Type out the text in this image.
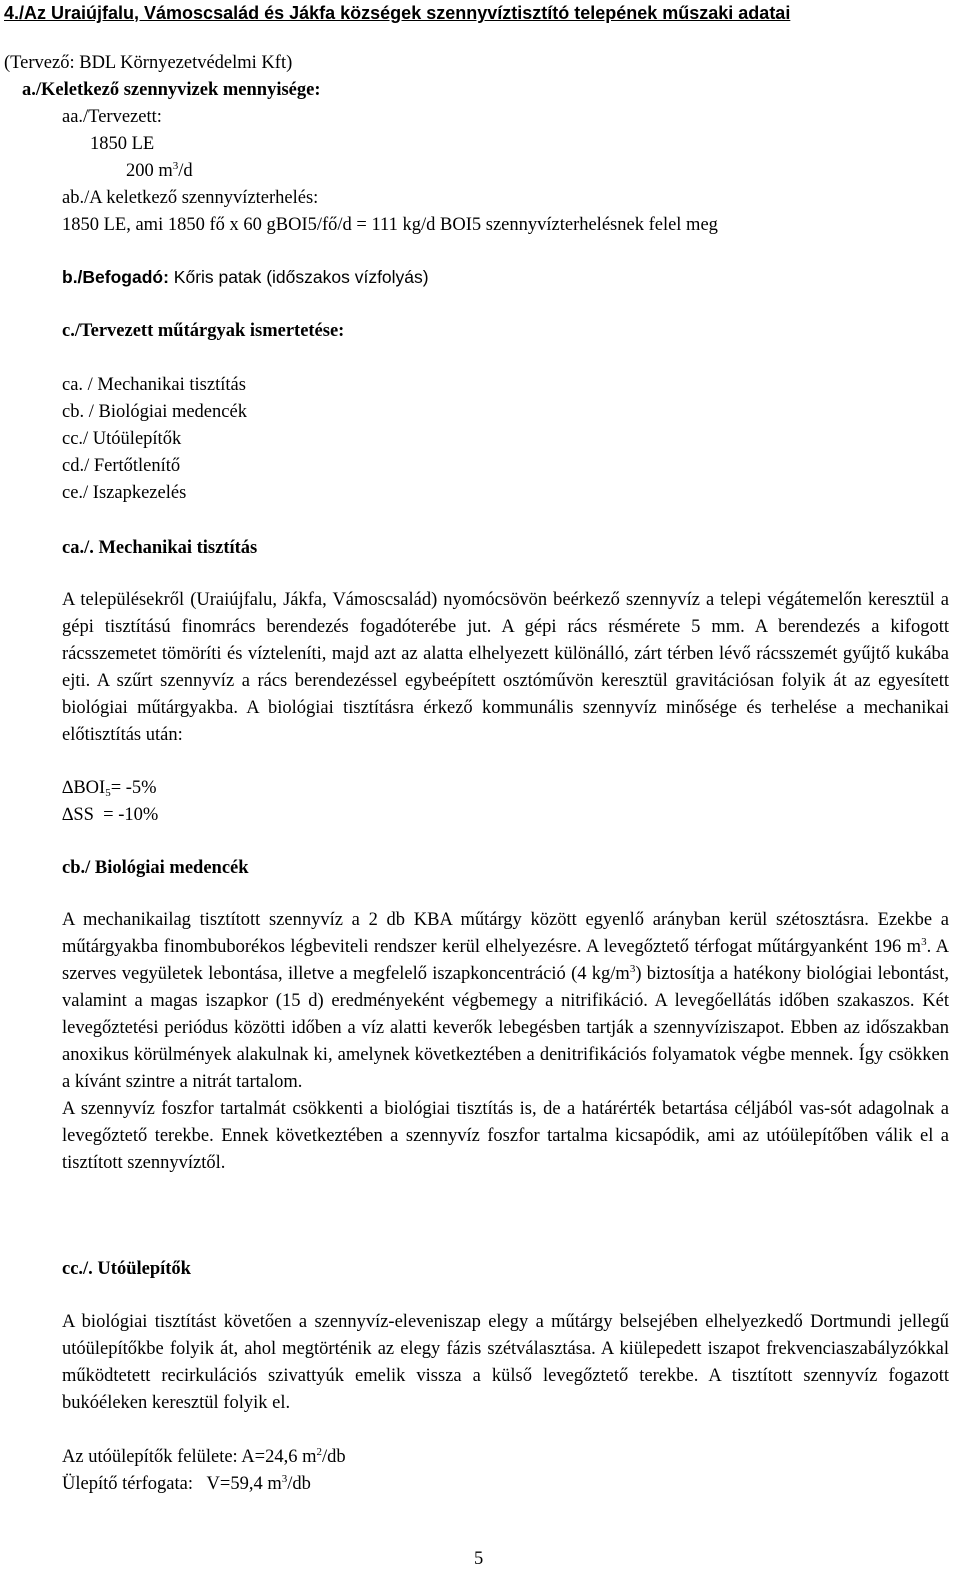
4./Az Uraiújfalu, Vámoscsalád és Jákfa községek szennyvíztisztító telepének műszaki adatai
(Tervező: BDL Környezetvédelmi Kft)
a./Keletkező szennyvizek mennyisége:
aa./Tervezett:
1850 LE
200 $m^3/d$
ab./A keletkező szennyvízterhelés:
1850 LE, ami 1850 fő x 60 gBOI5/fő/d = 111 kg/d BOI5 szennyvízterhelésnek felel meg
b./Befogadó: Kőris patak (időszakos vízfolyás)
c./Tervezett műtárgyak ismertetése:
ca. / Mechanikai tisztítás
cb. / Biológiai medencék
cc./ Utóülepítők
cd./ Fertőtlenítő
ce./ Iszapkezelés
ca./. Mechanikai tisztítás

A településekről (Uraiújfalu, Jákfa, Vámoscsalád) nyomócsövön beérkező szennyvíz a telepi végátemelőn keresztül a gépi tisztítású finomrács berendezés fogadóterébe jut. A gépi rács résmérete 5 mm. A berendezés a kifogott rácsszemetet tömöríti és vízteleníti, majd azt az alatta elhelyezett különálló, zárt térben lévő rácsszemét gyűjtő kukába ejti. A szűrt szennyvíz a rács berendezéssel egybeépített osztóművön keresztül gravitációsan folyik át az egyesített biológiai műtárgyakba. A biológiai tisztításra érkező kommunális szennyvíz minősége és terhelése a mechanikai előtisztítás után:

$\Delta BOI_5= -5\%$
∆SS  = -10%
cb./ Biológiai medencék

A mechanikailag tisztított szennyvíz a 2 db KBA műtárgy között egyenlő arányban kerül szétosztásra. Ezekbe a műtárgyakba finombuborékos légbeviteli rendszer kerül elhelyezésre. A levegőztető térfogat műtárgyanként 196 $m^3$. A szerves vegyületek lebontása, illetve a megfelelő iszapkoncentráció (4 $kg/m^3$) biztosítja a hatékony biológiai lebontást, valamint a magas iszapkor (15 d) eredményeként végbemegy a nitrifikáció. A levegőellátás időben szakaszos. Két levegőztetési periódus közötti időben a víz alatti keverők lebegésben tartják a szennyvíziszapot. Ebben az időszakban anoxikus körülmények alakulnak ki, amelynek következtében a denitrifikációs folyamatok végbe mennek. Így csökken a kívánt szintre a nitrát tartalom.

A szennyvíz foszfor tartalmát csökkenti a biológiai tisztítás is, de a határérték betartása céljából vas-sót adagolnak a levegőztető terekbe. Ennek következtében a szennyvíz foszfor tartalma kicsapódik, ami az utóülepítőben válik el a tisztított szennyvíztől.

cc./. Utóülepítők

A biológiai tisztítást követően a szennyvíz-eleveniszap elegy a műtárgy belsejében elhelyezkedő Dortmundi jellegű utóülepítőkbe folyik át, ahol megtörténik az elegy fázis szétválasztása. A kiülepedett iszapot frekvenciaszabályzókkal működtetett recirkulációs szivattyúk emelik vissza a külső levegőztető terekbe. A tisztított szennyvíz fogazott bukóéleken keresztül folyik el.

Az utóülepítők felülete: A=24,6 $m^2/db$
Ülepítő térfogata:   V=59,4 $m^3/db$
5
